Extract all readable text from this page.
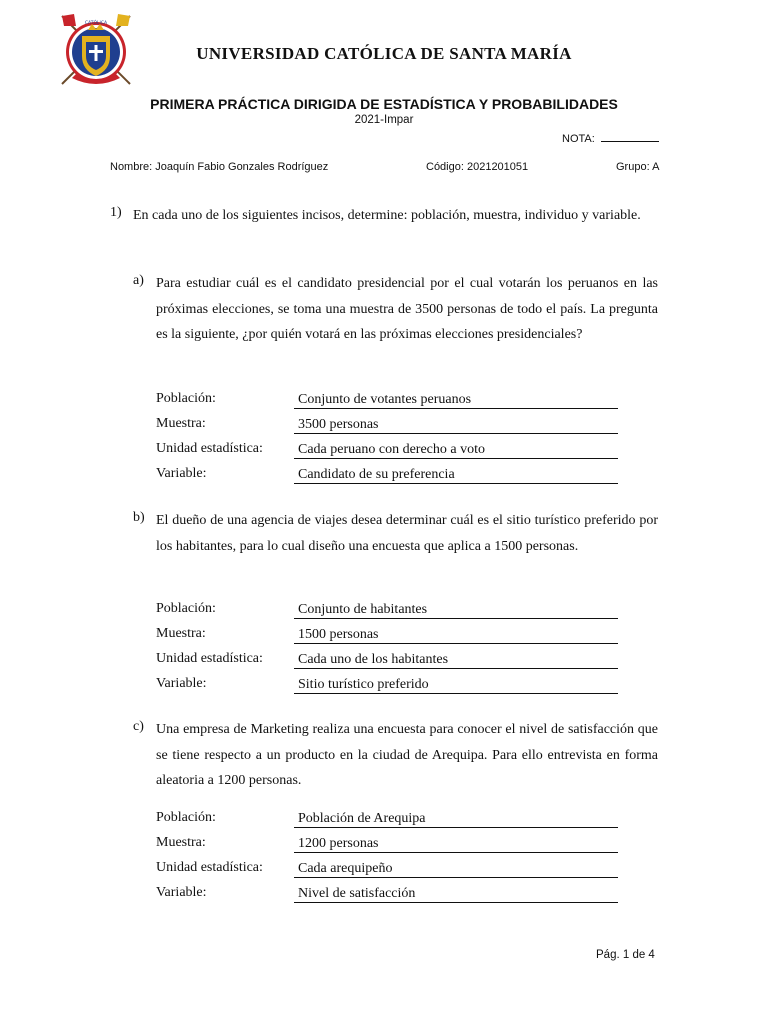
CATÓLICA
UNIVERSIDAD CATÓLICA DE SANTA MARÍA
PRIMERA PRÁCTICA DIRIGIDA DE ESTADÍSTICA Y PROBABILIDADES
2021-Impar
NOTA:
Nombre: Joaquín Fabio Gonzales Rodríguez	Código: 2021201051	Grupo: A
1) En cada uno de los siguientes incisos, determine: población, muestra, individuo y variable.
a) Para estudiar cuál es el candidato presidencial por el cual votarán los peruanos en las próximas elecciones, se toma una muestra de 3500 personas de todo el país. La pregunta es la siguiente, ¿por quién votará en las próximas elecciones presidenciales?
Población:	Conjunto de votantes peruanos
Muestra:	3500 personas
Unidad estadística:	Cada peruano con derecho a voto
Variable:	Candidato de su preferencia
b) El dueño de una agencia de viajes desea determinar cuál es el sitio turístico preferido por los habitantes, para lo cual diseño una encuesta que aplica a 1500 personas.
Población:	Conjunto de habitantes
Muestra:	1500 personas
Unidad estadística:	Cada uno de los habitantes
Variable:	Sitio turístico preferido
c) Una empresa de Marketing realiza una encuesta para conocer el nivel de satisfacción que se tiene respecto a un producto en la ciudad de Arequipa. Para ello entrevista en forma aleatoria a 1200 personas.
Población:	Población de Arequipa
Muestra:	1200 personas
Unidad estadística:	Cada arequipeño
Variable:	Nivel de satisfacción
Pág. 1 de 4
